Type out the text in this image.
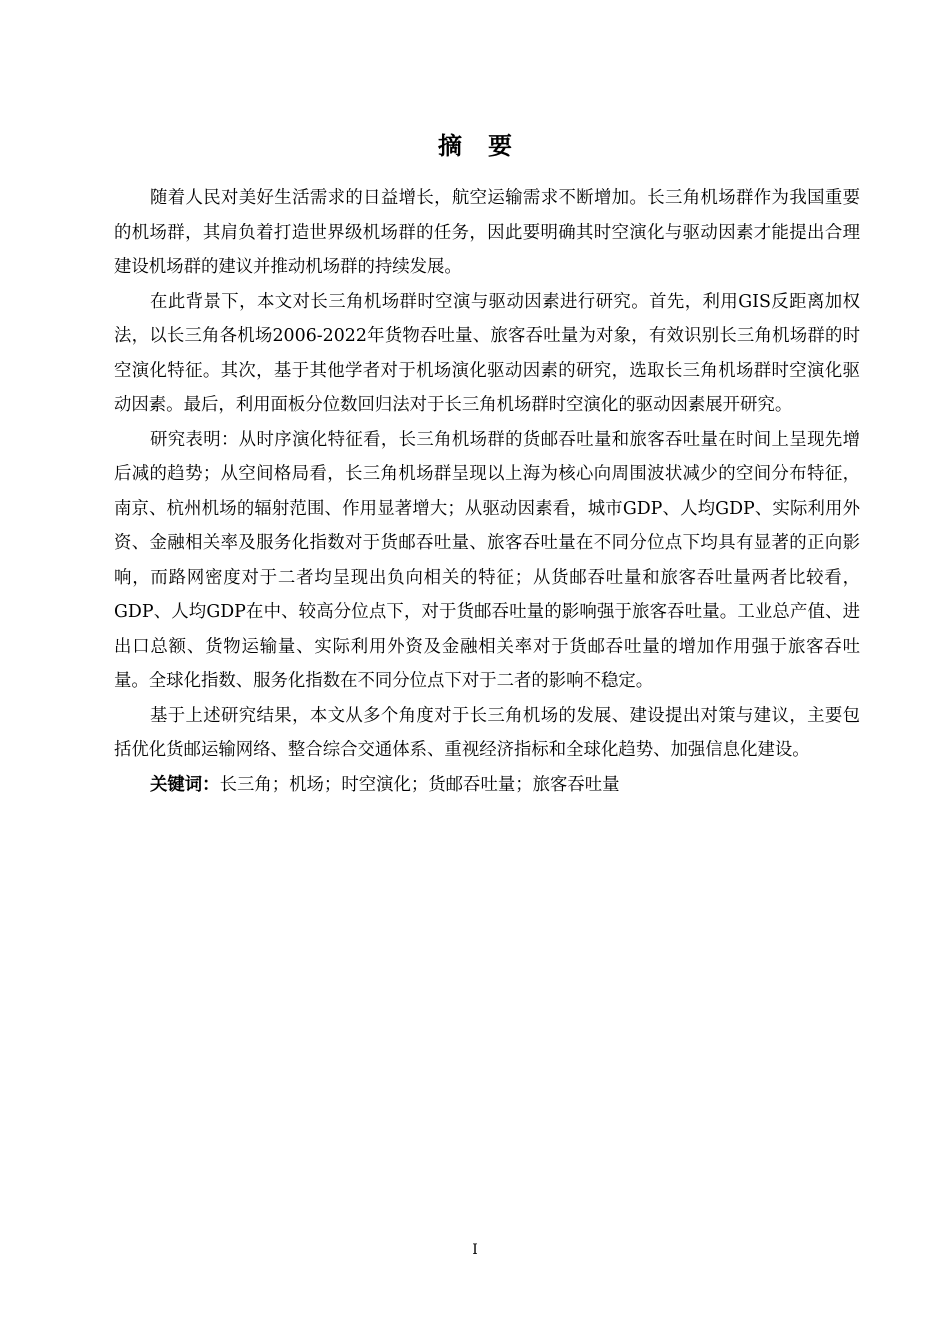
摘要

随着人民对美好生活需求的日益增长，航空运输需求不断增加。长三角机场群作为我国重要的机场群，其肩负着打造世界级机场群的任务，因此要明确其时空演化与驱动因素才能提出合理建设机场群的建议并推动机场群的持续发展。

在此背景下，本文对长三角机场群时空演与驱动因素进行研究。首先，利用GIS反距离加权法，以长三角各机场2006-2022年货物吞吐量、旅客吞吐量为对象，有效识别长三角机场群的时空演化特征。其次，基于其他学者对于机场演化驱动因素的研究，选取长三角机场群时空演化驱动因素。最后，利用面板分位数回归法对于长三角机场群时空演化的驱动因素展开研究。

研究表明：从时序演化特征看，长三角机场群的货邮吞吐量和旅客吞吐量在时间上呈现先增后减的趋势；从空间格局看，长三角机场群呈现以上海为核心向周围波状减少的空间分布特征，南京、杭州机场的辐射范围、作用显著增大；从驱动因素看，城市GDP、人均GDP、实际利用外资、金融相关率及服务化指数对于货邮吞吐量、旅客吞吐量在不同分位点下均具有显著的正向影响，而路网密度对于二者均呈现出负向相关的特征；从货邮吞吐量和旅客吞吐量两者比较看，GDP、人均GDP在中、较高分位点下，对于货邮吞吐量的影响强于旅客吞吐量。工业总产值、进出口总额、货物运输量、实际利用外资及金融相关率对于货邮吞吐量的增加作用强于旅客吞吐量。全球化指数、服务化指数在不同分位点下对于二者的影响不稳定。

基于上述研究结果，本文从多个角度对于长三角机场的发展、建设提出对策与建议，主要包括优化货邮运输网络、整合综合交通体系、重视经济指标和全球化趋势、加强信息化建设。

关键词：长三角；机场；时空演化；货邮吞吐量；旅客吞吐量

I
